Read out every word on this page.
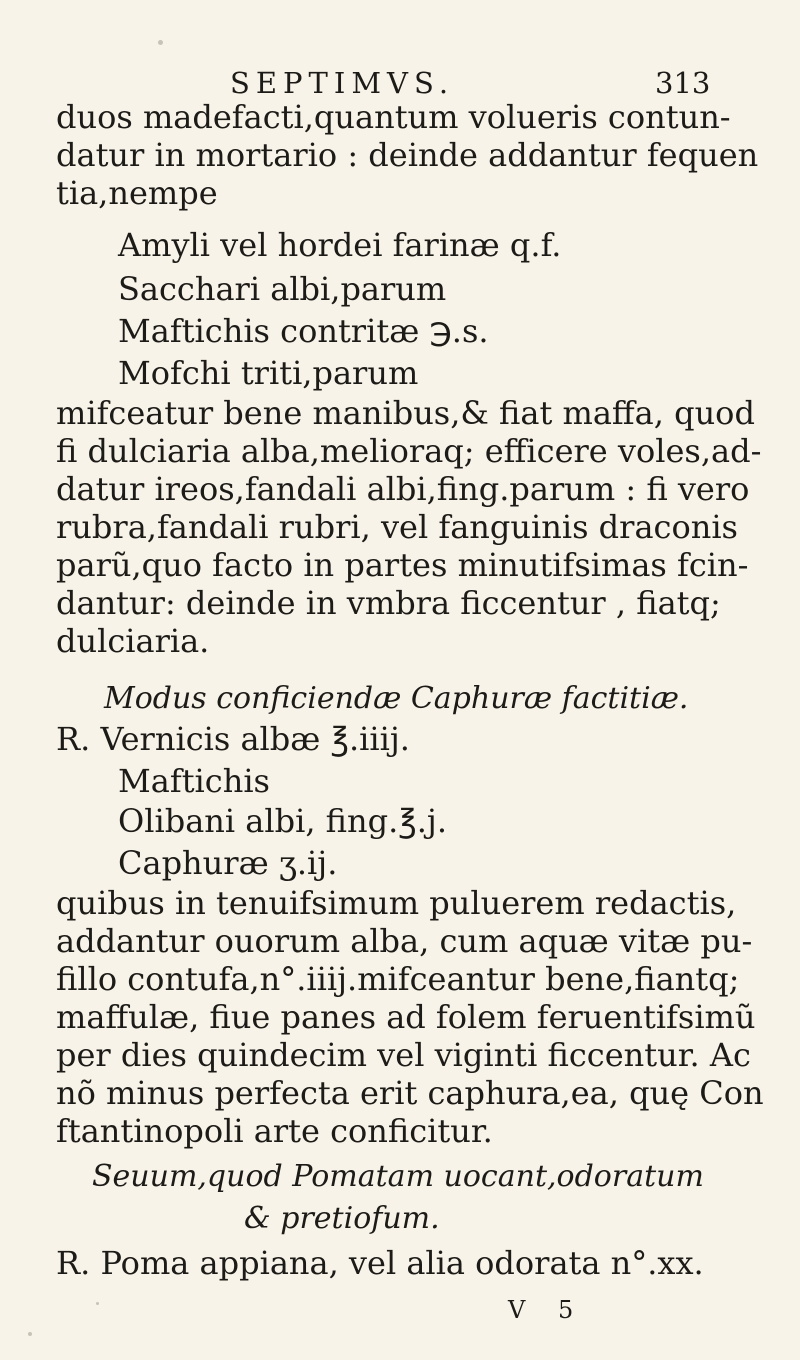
SEPTIMVS.	313
duos madefacti,quantum volueris contun-
datur in mortario : deinde addantur fequen
tia,nempe
Amyli vel hordei farinæ q.f.
Sacchari albi,parum
Maftichis contritæ ℈.s.
Mofchi triti,parum
mifceatur bene manibus,& fiat maffa, quod
fi dulciaria alba,melioraq; efficere voles,ad-
datur ireos,fandali albi,fing.parum : fi vero
rubra,fandali rubri, vel fanguinis draconis
parũ,quo facto in partes minutifsimas fcin-
dantur: deinde in vmbra ficcentur , fiatq;
dulciaria.
Modus conficiendæ Caphuræ factitiæ.
R. Vernicis albæ ℥.iiij.
Maftichis
Olibani albi, fing.℥.j.
Caphuræ ʒ.ij.
quibus in tenuifsimum puluerem redactis,
addantur ouorum alba, cum aquæ vitæ pu-
fillo contufa,n°.iiij.mifceantur bene,fiantq;
maffulæ, fiue panes ad folem feruentifsimũ
per dies quindecim vel viginti ficcentur. Ac
nõ minus perfecta erit caphura,ea, quę Con
ftantinopoli arte conficitur.
Seuum,quod Pomatam uocant,odoratum
& pretiofum.
R. Poma appiana, vel alia odorata n°.xx.
V 5
